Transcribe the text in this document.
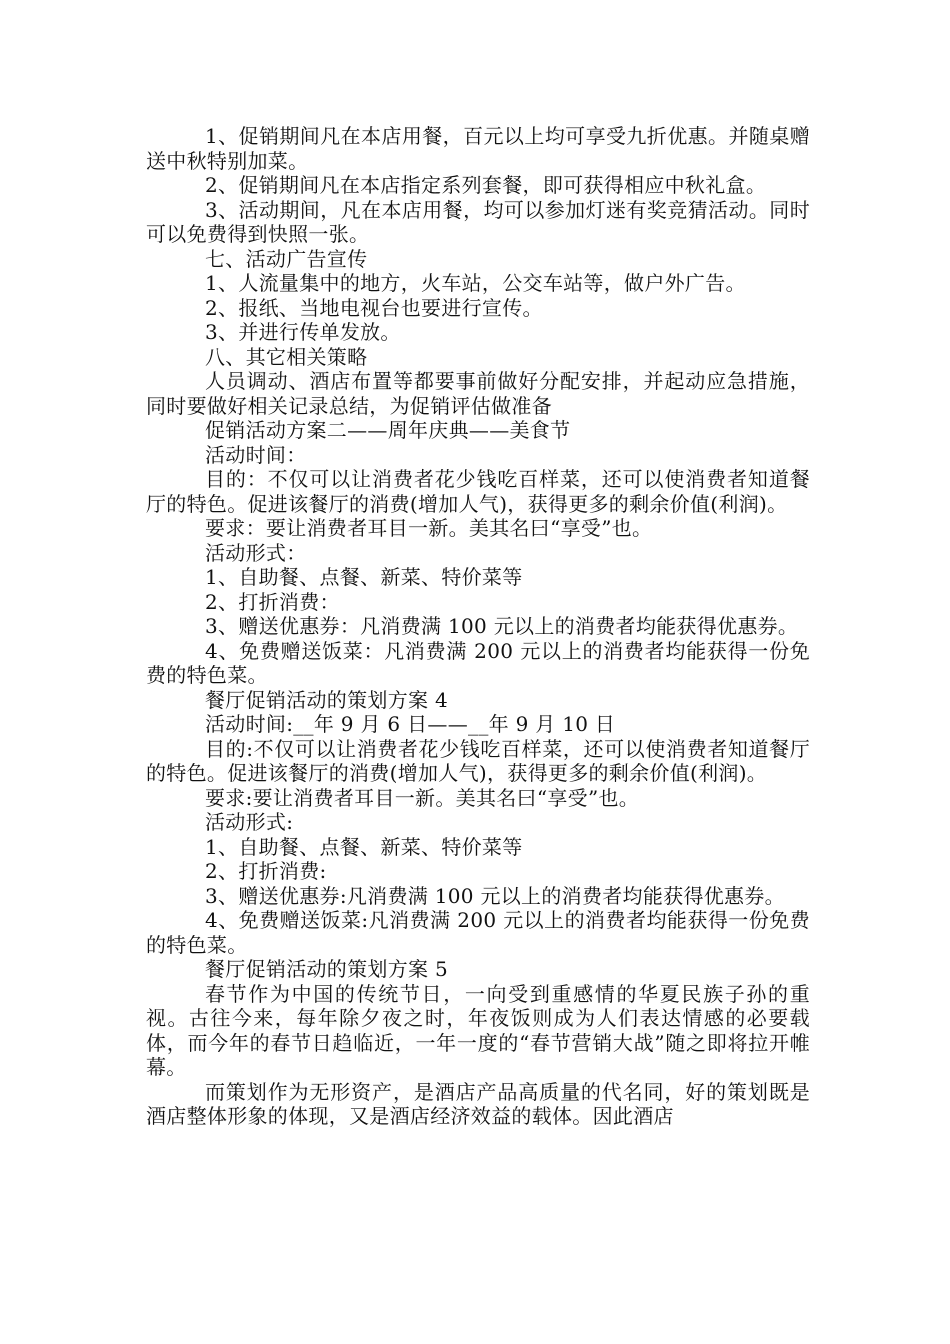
1、促销期间凡在本店用餐，百元以上均可享受九折优惠。并随桌赠送中秋特别加菜。

2、促销期间凡在本店指定系列套餐，即可获得相应中秋礼盒。

3、活动期间，凡在本店用餐，均可以参加灯迷有奖竞猜活动。同时可以免费得到快照一张。

七、活动广告宣传

1、人流量集中的地方，火车站，公交车站等，做户外广告。

2、报纸、当地电视台也要进行宣传。

3、并进行传单发放。

八、其它相关策略

人员调动、酒店布置等都要事前做好分配安排，并起动应急措施，同时要做好相关记录总结，为促销评估做准备

促销活动方案二——周年庆典——美食节

活动时间：

目的：不仅可以让消费者花少钱吃百样菜，还可以使消费者知道餐厅的特色。促进该餐厅的消费(增加人气)，获得更多的剩余价值(利润)。

要求：要让消费者耳目一新。美其名曰“享受”也。

活动形式：

1、自助餐、点餐、新菜、特价菜等

2、打折消费：

3、赠送优惠券：凡消费满 100 元以上的消费者均能获得优惠券。

4、免费赠送饭菜：凡消费满 200 元以上的消费者均能获得一份免费的特色菜。

餐厅促销活动的策划方案 4

活动时间:__年 9 月 6 日——__年 9 月 10 日

目的:不仅可以让消费者花少钱吃百样菜，还可以使消费者知道餐厅的特色。促进该餐厅的消费(增加人气)，获得更多的剩余价值(利润)。

要求:要让消费者耳目一新。美其名曰“享受”也。

活动形式:

1、自助餐、点餐、新菜、特价菜等

2、打折消费:

3、赠送优惠券:凡消费满 100 元以上的消费者均能获得优惠券。

4、免费赠送饭菜:凡消费满 200 元以上的消费者均能获得一份免费的特色菜。

餐厅促销活动的策划方案 5

春节作为中国的传统节日，一向受到重感情的华夏民族子孙的重视。古往今来，每年除夕夜之时，年夜饭则成为人们表达情感的必要载体，而今年的春节日趋临近，一年一度的“春节营销大战”随之即将拉开帷幕。

而策划作为无形资产，是酒店产品高质量的代名同，好的策划既是酒店整体形象的体现，又是酒店经济效益的载体。因此酒店
